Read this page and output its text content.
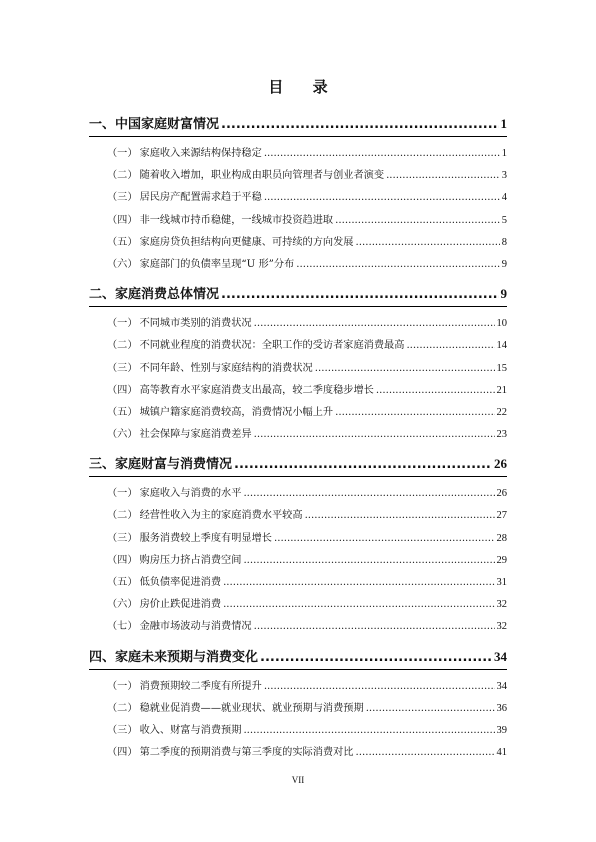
目 录
一、中国家庭财富情况 .....	1
（一） 家庭收入来源结构保持稳定 .....	1
（二） 随着收入增加，职业构成由职员向管理者与创业者演变 .....	3
（三） 居民房产配置需求趋于平稳 .....	4
（四） 非一线城市持币稳健，一线城市投资趋进取 .....	5
（五） 家庭房贷负担结构向更健康、可持续的方向发展 .....	8
（六） 家庭部门的负债率呈现“U 形”分布 .....	9
二、家庭消费总体情况 .....	9
（一） 不同城市类别的消费状况 .....	10
（二） 不同就业程度的消费状况：全职工作的受访者家庭消费最高 .....	14
（三） 不同年龄、性别与家庭结构的消费状况 .....	15
（四） 高等教育水平家庭消费支出最高，较二季度稳步增长 .....	21
（五） 城镇户籍家庭消费较高，消费情况小幅上升 .....	22
（六） 社会保障与家庭消费差异 .....	23
三、家庭财富与消费情况 .....	26
（一） 家庭收入与消费的水平 .....	26
（二） 经营性收入为主的家庭消费水平较高 .....	27
（三） 服务消费较上季度有明显增长 .....	28
（四） 购房压力挤占消费空间 .....	29
（五） 低负债率促进消费 .....	31
（六） 房价止跌促进消费 .....	32
（七） 金融市场波动与消费情况 .....	32
四、家庭未来预期与消费变化 .....	34
（一） 消费预期较二季度有所提升 .....	34
（二） 稳就业促消费——就业现状、就业预期与消费预期 .....	36
（三） 收入、财富与消费预期 .....	39
（四） 第二季度的预期消费与第三季度的实际消费对比 .....	41
VII
